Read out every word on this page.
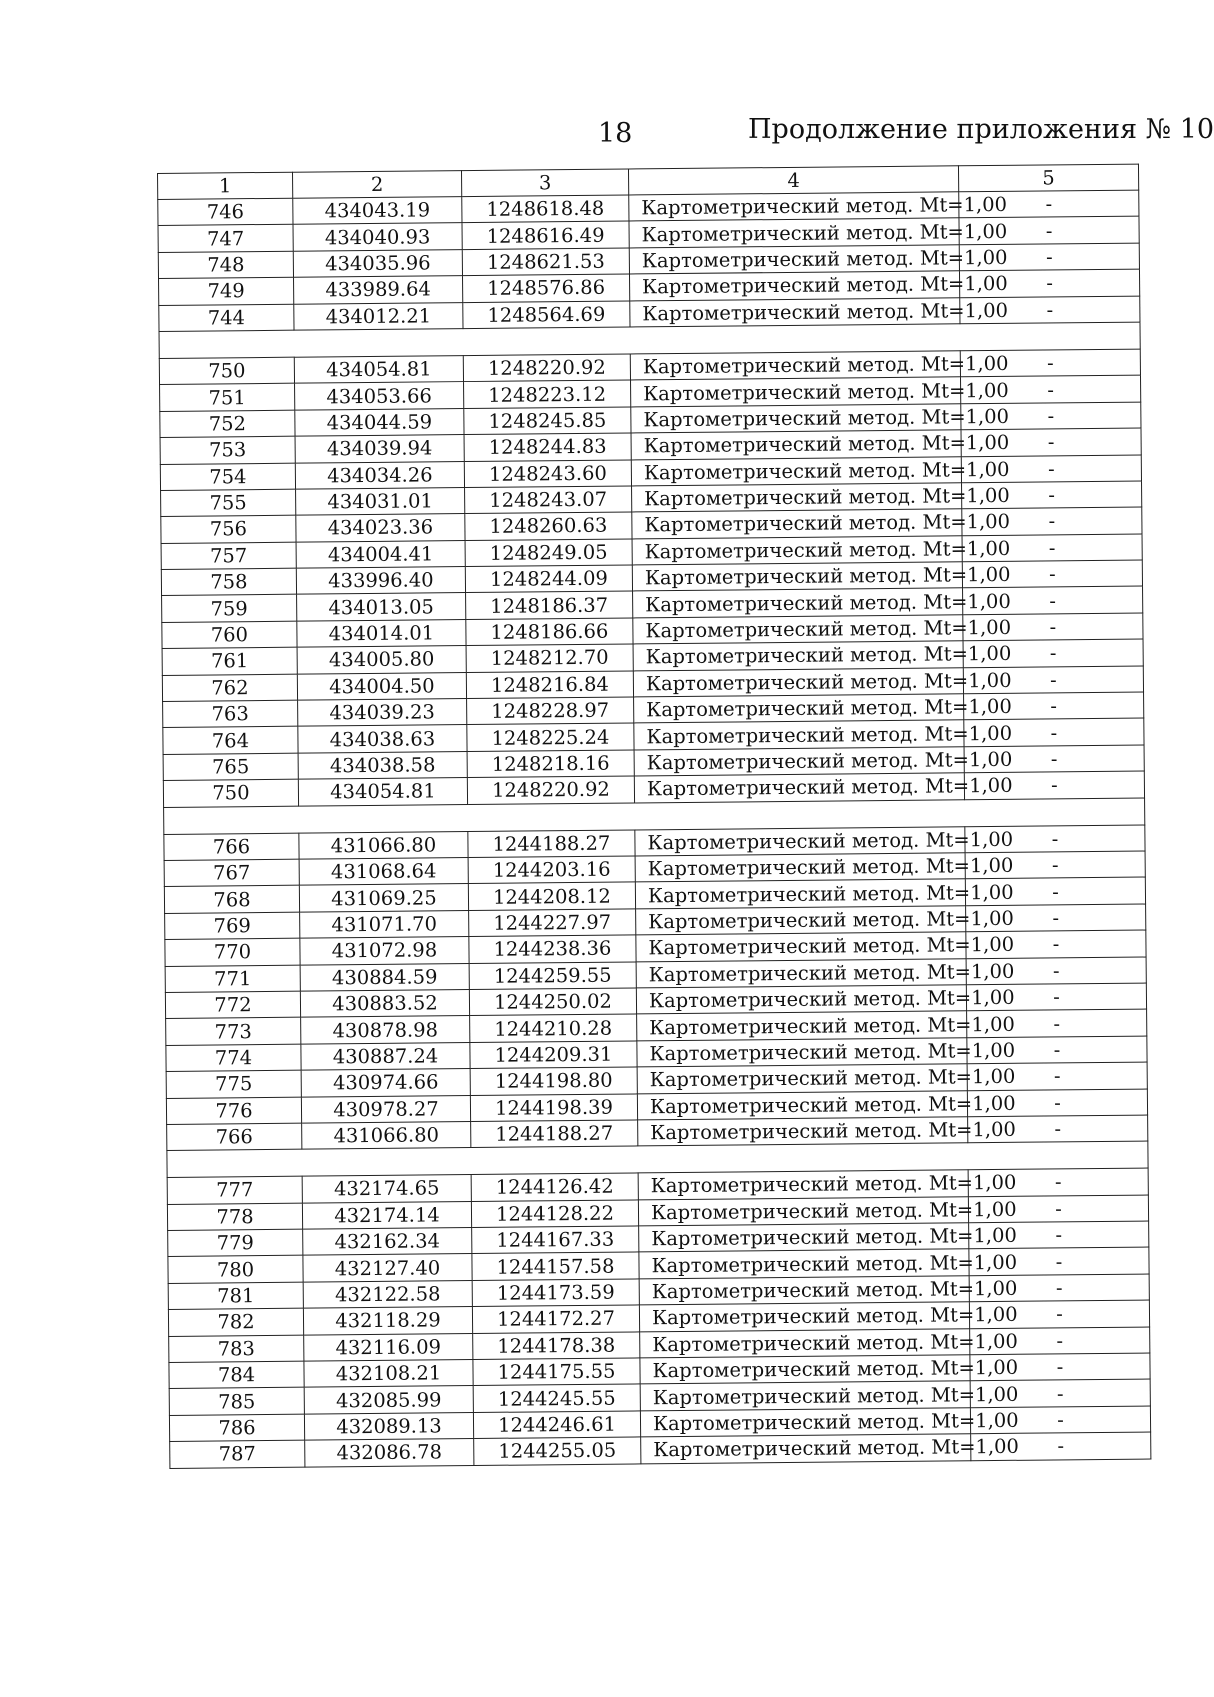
18	Продолжение приложения № 10
1	2	3	4	5
746	434043.19	1248618.48	Картометрический метод. Mt=1,00	-
747	434040.93	1248616.49	Картометрический метод. Mt=1,00	-
748	434035.96	1248621.53	Картометрический метод. Mt=1,00	-
749	433989.64	1248576.86	Картометрический метод. Mt=1,00	-
744	434012.21	1248564.69	Картометрический метод. Mt=1,00	-

750	434054.81	1248220.92	Картометрический метод. Mt=1,00	-
751	434053.66	1248223.12	Картометрический метод. Mt=1,00	-
752	434044.59	1248245.85	Картометрический метод. Mt=1,00	-
753	434039.94	1248244.83	Картометрический метод. Mt=1,00	-
754	434034.26	1248243.60	Картометрический метод. Mt=1,00	-
755	434031.01	1248243.07	Картометрический метод. Mt=1,00	-
756	434023.36	1248260.63	Картометрический метод. Mt=1,00	-
757	434004.41	1248249.05	Картометрический метод. Mt=1,00	-
758	433996.40	1248244.09	Картометрический метод. Mt=1,00	-
759	434013.05	1248186.37	Картометрический метод. Mt=1,00	-
760	434014.01	1248186.66	Картометрический метод. Mt=1,00	-
761	434005.80	1248212.70	Картометрический метод. Mt=1,00	-
762	434004.50	1248216.84	Картометрический метод. Mt=1,00	-
763	434039.23	1248228.97	Картометрический метод. Mt=1,00	-
764	434038.63	1248225.24	Картометрический метод. Mt=1,00	-
765	434038.58	1248218.16	Картометрический метод. Mt=1,00	-
750	434054.81	1248220.92	Картометрический метод. Mt=1,00	-

766	431066.80	1244188.27	Картометрический метод. Mt=1,00	-
767	431068.64	1244203.16	Картометрический метод. Mt=1,00	-
768	431069.25	1244208.12	Картометрический метод. Mt=1,00	-
769	431071.70	1244227.97	Картометрический метод. Mt=1,00	-
770	431072.98	1244238.36	Картометрический метод. Mt=1,00	-
771	430884.59	1244259.55	Картометрический метод. Mt=1,00	-
772	430883.52	1244250.02	Картометрический метод. Mt=1,00	-
773	430878.98	1244210.28	Картометрический метод. Mt=1,00	-
774	430887.24	1244209.31	Картометрический метод. Mt=1,00	-
775	430974.66	1244198.80	Картометрический метод. Mt=1,00	-
776	430978.27	1244198.39	Картометрический метод. Mt=1,00	-
766	431066.80	1244188.27	Картометрический метод. Mt=1,00	-

777	432174.65	1244126.42	Картометрический метод. Mt=1,00	-
778	432174.14	1244128.22	Картометрический метод. Mt=1,00	-
779	432162.34	1244167.33	Картометрический метод. Mt=1,00	-
780	432127.40	1244157.58	Картометрический метод. Mt=1,00	-
781	432122.58	1244173.59	Картометрический метод. Mt=1,00	-
782	432118.29	1244172.27	Картометрический метод. Mt=1,00	-
783	432116.09	1244178.38	Картометрический метод. Mt=1,00	-
784	432108.21	1244175.55	Картометрический метод. Mt=1,00	-
785	432085.99	1244245.55	Картометрический метод. Mt=1,00	-
786	432089.13	1244246.61	Картометрический метод. Mt=1,00	-
787	432086.78	1244255.05	Картометрический метод. Mt=1,00	-
